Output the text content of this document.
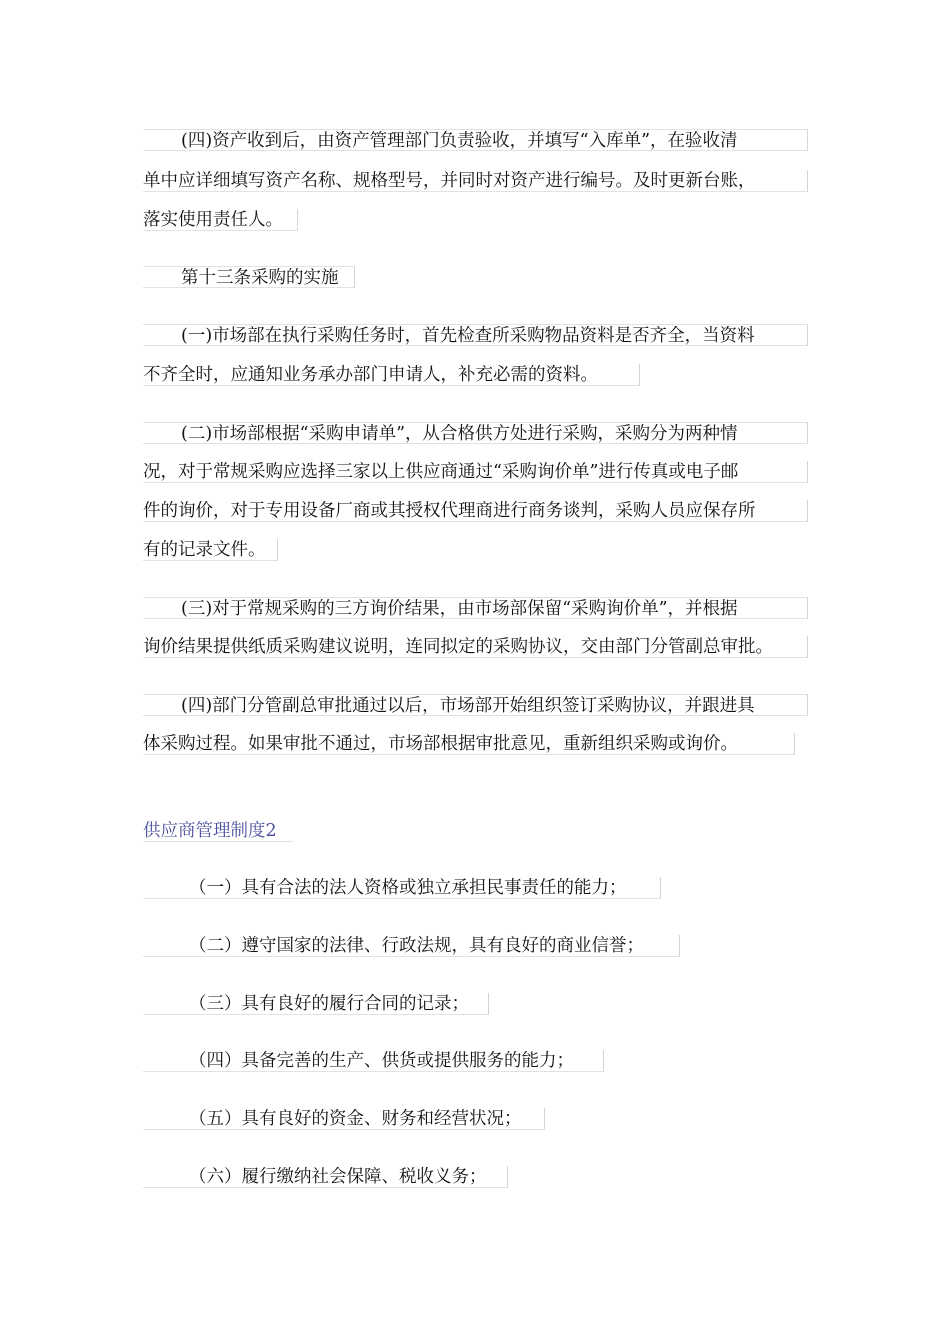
(四)资产收到后，由资产管理部门负责验收，并填写“入库单”，在验收清
单中应详细填写资产名称、规格型号，并同时对资产进行编号。及时更新台账，
落实使用责任人。
第十三条采购的实施
(一)市场部在执行采购任务时，首先检查所采购物品资料是否齐全，当资料
不齐全时，应通知业务承办部门申请人，补充必需的资料。
(二)市场部根据“采购申请单”，从合格供方处进行采购，采购分为两种情
况，对于常规采购应选择三家以上供应商通过“采购询价单”进行传真或电子邮
件的询价，对于专用设备厂商或其授权代理商进行商务谈判，采购人员应保存所
有的记录文件。
(三)对于常规采购的三方询价结果，由市场部保留“采购询价单”，并根据
询价结果提供纸质采购建议说明，连同拟定的采购协议，交由部门分管副总审批。
(四)部门分管副总审批通过以后，市场部开始组织签订采购协议，并跟进具
体采购过程。如果审批不通过，市场部根据审批意见，重新组织采购或询价。
供应商管理制度2
（一）具有合法的法人资格或独立承担民事责任的能力；
（二）遵守国家的法律、行政法规，具有良好的商业信誉；
（三）具有良好的履行合同的记录；
（四）具备完善的生产、供货或提供服务的能力；
（五）具有良好的资金、财务和经营状况；
（六）履行缴纳社会保障、税收义务；
